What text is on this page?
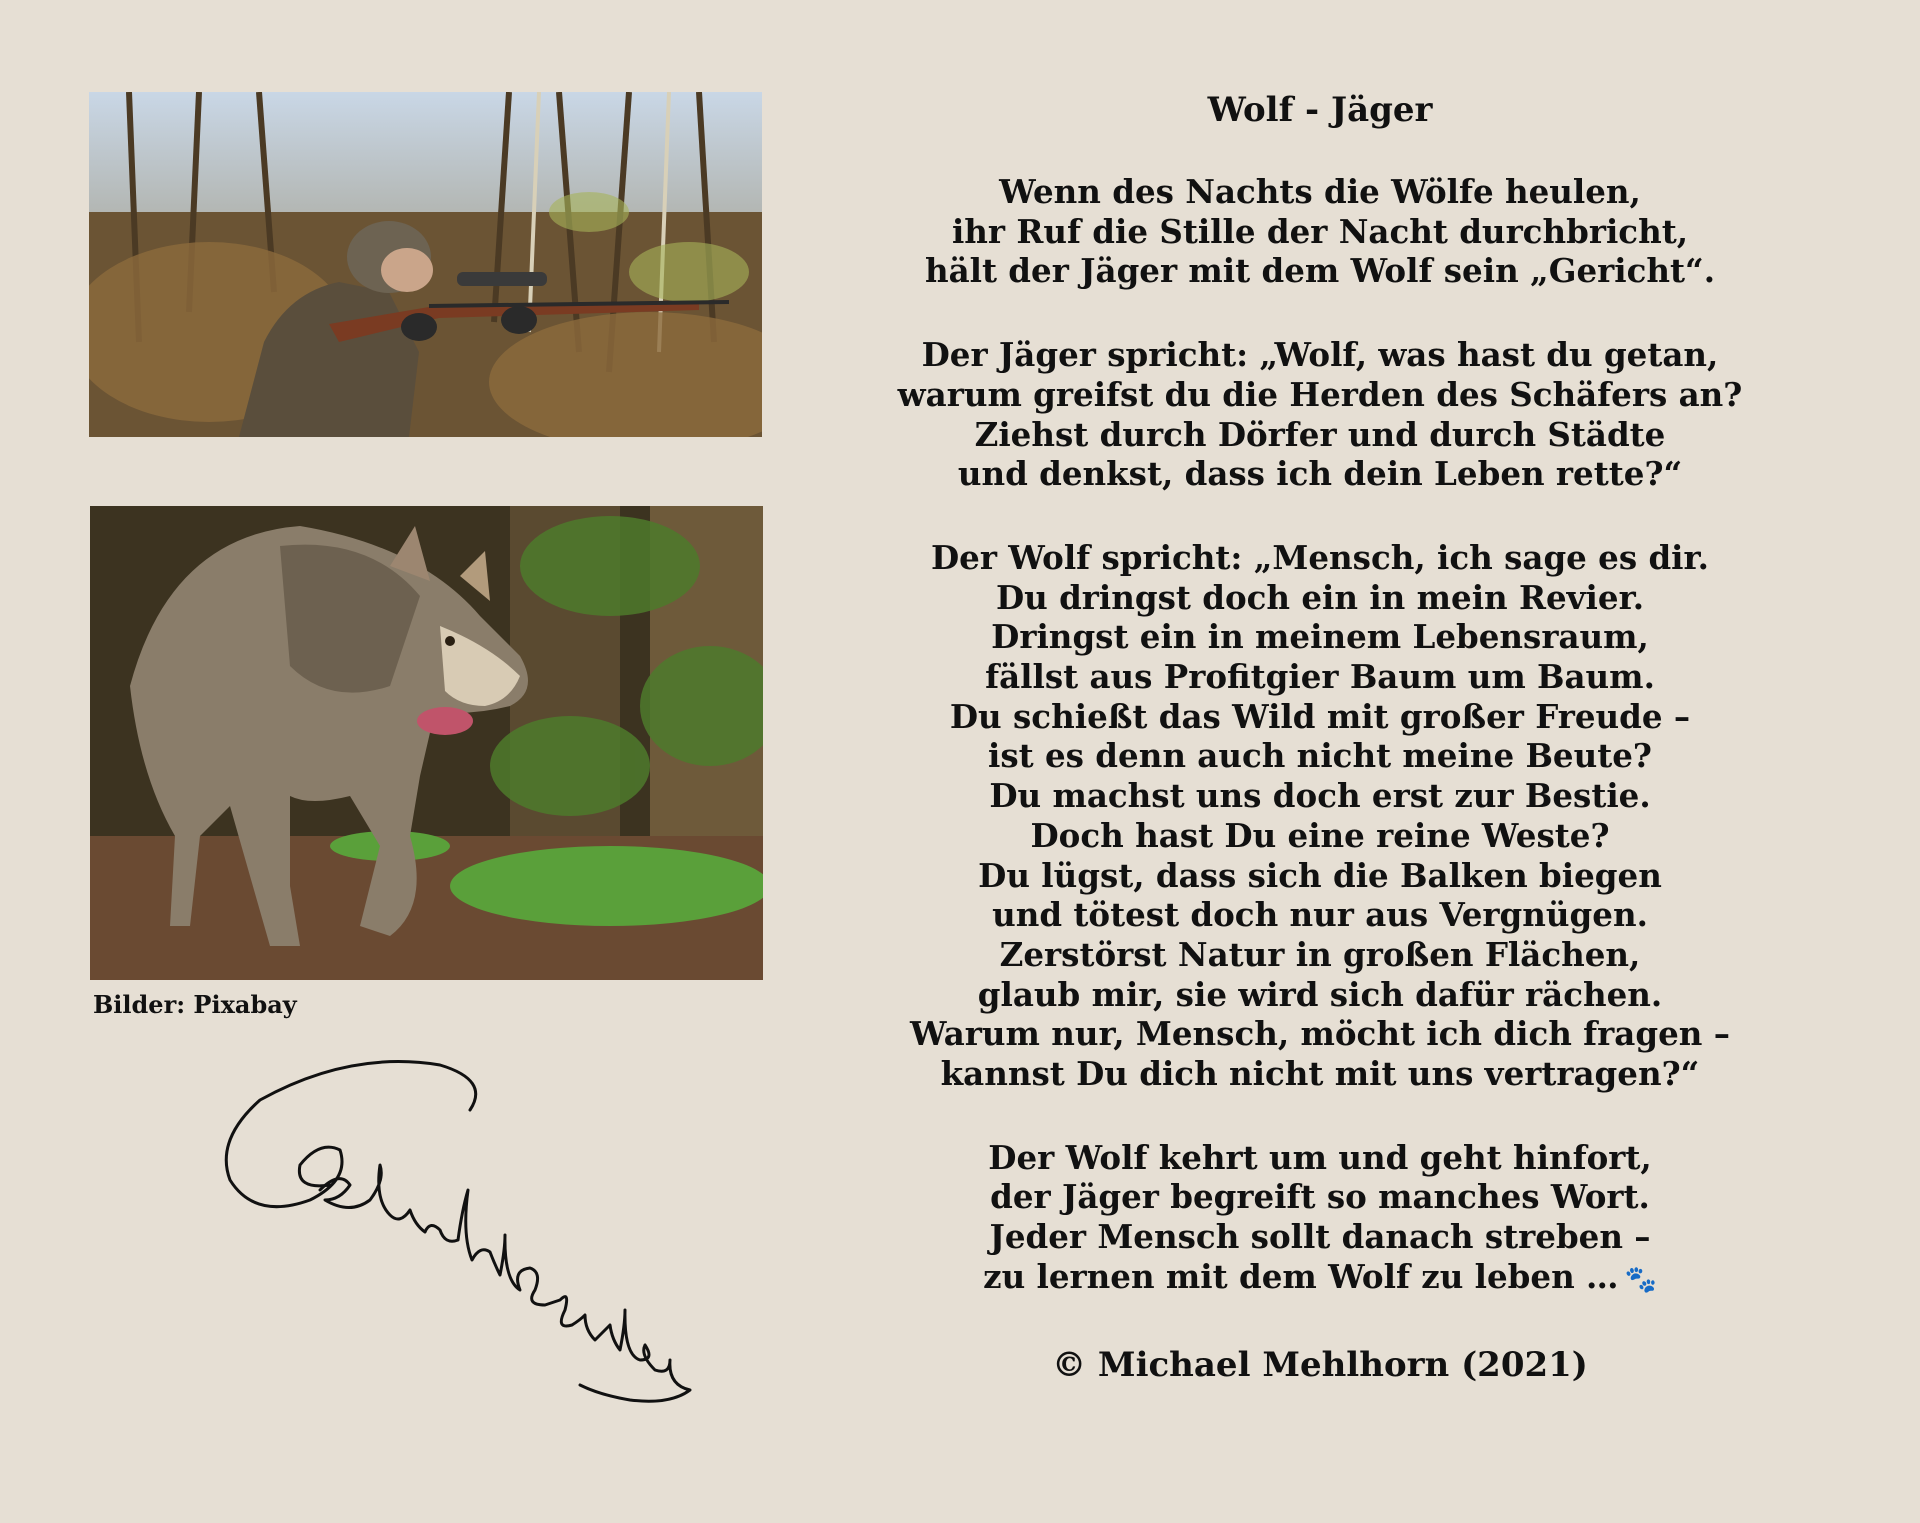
Bilder: Pixabay
Wolf - Jäger
Wenn des Nachts die Wölfe heulen,
ihr Ruf die Stille der Nacht durchbricht,
hält der Jäger mit dem Wolf sein „Gericht“.
Der Jäger spricht: „Wolf, was hast du getan,
warum greifst du die Herden des Schäfers an?
Ziehst durch Dörfer und durch Städte
und denkst, dass ich dein Leben rette?“
Der Wolf spricht: „Mensch, ich sage es dir.
Du dringst doch ein in mein Revier.
Dringst ein in meinem Lebensraum,
fällst aus Profitgier Baum um Baum.
Du schießt das Wild mit großer Freude –
ist es denn auch nicht meine Beute?
Du machst uns doch erst zur Bestie.
Doch hast Du eine reine Weste?
Du lügst, dass sich die Balken biegen
und tötest doch nur aus Vergnügen.
Zerstörst Natur in großen Flächen,
glaub mir, sie wird sich dafür rächen.
Warum nur, Mensch, möcht ich dich fragen –
kannst Du dich nicht mit uns vertragen?“
Der Wolf kehrt um und geht hinfort,
der Jäger begreift so manches Wort.
Jeder Mensch sollt danach streben –
zu lernen mit dem Wolf zu leben … 🐾
© Michael Mehlhorn (2021)
